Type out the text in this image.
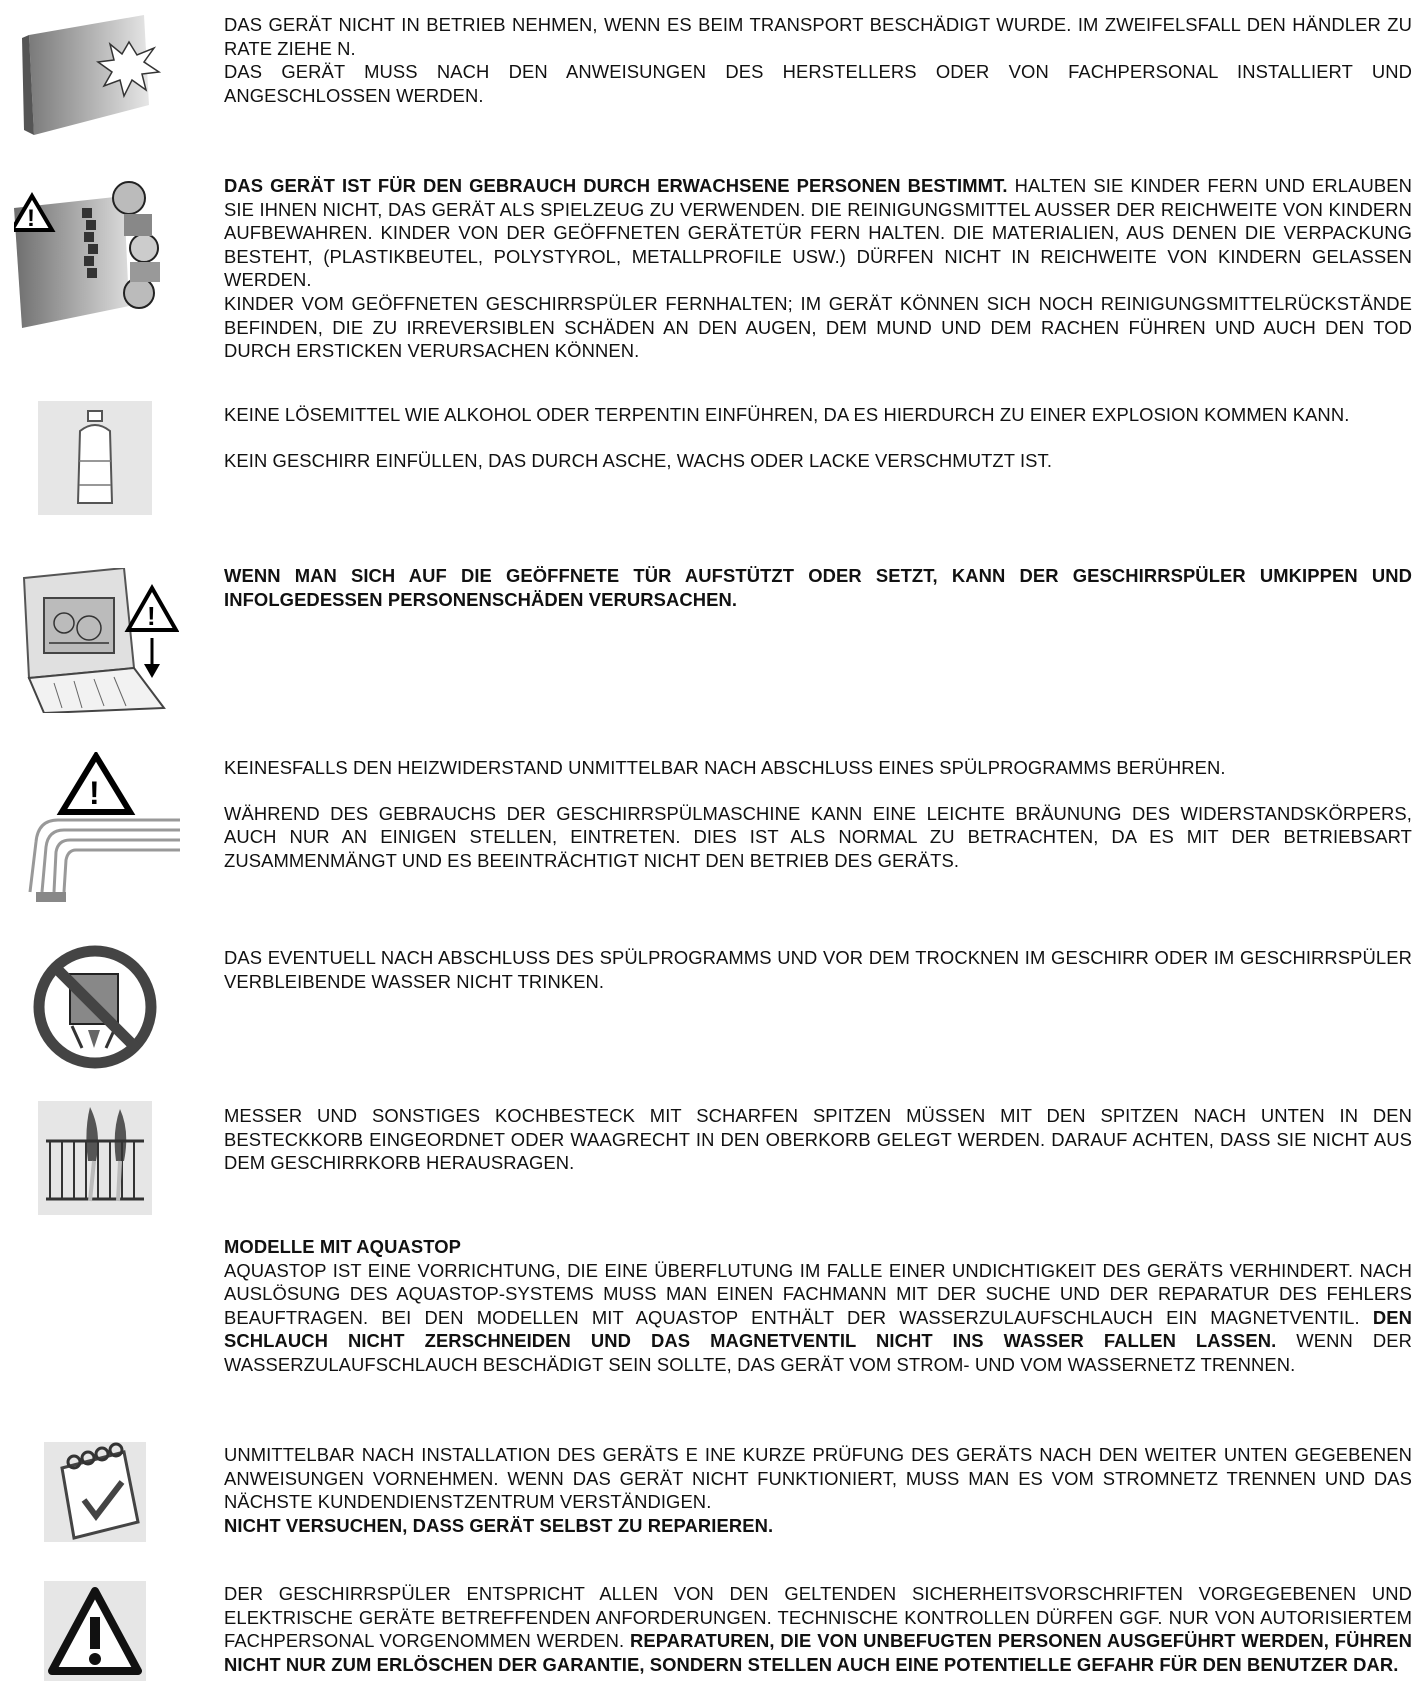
DAS GERÄT NICHT IN BETRIEB NEHMEN, WENN ES BEIM TRANSPORT BESCHÄDIGT WURDE. IM ZWEIFELSFALL DEN HÄNDLER ZU RATE ZIEHE N.

DAS GERÄT MUSS NACH DEN ANWEISUNGEN DES HERSTELLERS ODER VON FACHPERSONAL INSTALLIERT UND ANGESCHLOSSEN WERDEN.

!

DAS GERÄT IST FÜR DEN GEBRAUCH DURCH ERWACHSENE PERSONEN BESTIMMT. HALTEN SIE KINDER FERN UND ERLAUBEN SIE IHNEN NICHT, DAS GERÄT ALS SPIELZEUG ZU VERWENDEN. DIE REINIGUNGSMITTEL AUSSER DER REICHWEITE VON KINDERN AUFBEWAHREN. KINDER VON DER GEÖFFNETEN GERÄTETÜR FERN HALTEN. DIE MATERIALIEN, AUS DENEN DIE VERPACKUNG BESTEHT, (PLASTIKBEUTEL, POLYSTYROL, METALLPROFILE USW.) DÜRFEN NICHT IN REICHWEITE VON KINDERN GELASSEN WERDEN.

KINDER VOM GEÖFFNETEN GESCHIRRSPÜLER FERNHALTEN; IM GERÄT KÖNNEN SICH NOCH REINIGUNGSMITTELRÜCKSTÄNDE BEFINDEN, DIE ZU IRREVERSIBLEN SCHÄDEN AN DEN AUGEN, DEM MUND UND DEM RACHEN FÜHREN UND AUCH DEN TOD DURCH ERSTICKEN VERURSACHEN KÖNNEN.

KEINE LÖSEMITTEL WIE ALKOHOL ODER TERPENTIN EINFÜHREN, DA ES HIERDURCH ZU EINER EXPLOSION KOMMEN KANN.

KEIN GESCHIRR EINFÜLLEN, DAS DURCH ASCHE, WACHS ODER LACKE VERSCHMUTZT IST.

!

WENN MAN SICH AUF DIE GEÖFFNETE TÜR AUFSTÜTZT ODER SETZT, KANN DER GESCHIRRSPÜLER UMKIPPEN UND INFOLGEDESSEN PERSONENSCHÄDEN VERURSACHEN.

!

KEINESFALLS DEN HEIZWIDERSTAND UNMITTELBAR NACH ABSCHLUSS EINES SPÜLPROGRAMMS BERÜHREN.

WÄHREND DES GEBRAUCHS DER GESCHIRRSPÜLMASCHINE KANN EINE LEICHTE BRÄUNUNG DES WIDERSTANDSKÖRPERS, AUCH NUR AN EINIGEN STELLEN, EINTRETEN. DIES IST ALS NORMAL ZU BETRACHTEN, DA ES MIT DER BETRIEBSART ZUSAMMENMÄNGT UND ES BEEINTRÄCHTIGT NICHT DEN BETRIEB DES GERÄTS.

DAS EVENTUELL NACH ABSCHLUSS DES SPÜLPROGRAMMS UND VOR DEM TROCKNEN IM GESCHIRR ODER IM GESCHIRRSPÜLER VERBLEIBENDE WASSER NICHT TRINKEN.

MESSER UND SONSTIGES KOCHBESTECK MIT SCHARFEN SPITZEN MÜSSEN MIT DEN SPITZEN NACH UNTEN IN DEN BESTECKKORB EINGEORDNET ODER WAAGRECHT IN DEN OBERKORB GELEGT WERDEN. DARAUF ACHTEN, DASS SIE NICHT AUS DEM GESCHIRRKORB HERAUSRAGEN.

MODELLE MIT AQUASTOP

AQUASTOP IST EINE VORRICHTUNG, DIE EINE ÜBERFLUTUNG IM FALLE EINER UNDICHTIGKEIT DES GERÄTS VERHINDERT. NACH AUSLÖSUNG DES AQUASTOP-SYSTEMS MUSS MAN EINEN FACHMANN MIT DER SUCHE UND DER REPARATUR DES FEHLERS BEAUFTRAGEN. BEI DEN MODELLEN MIT AQUASTOP ENTHÄLT DER WASSERZULAUFSCHLAUCH EIN MAGNETVENTIL. DEN SCHLAUCH NICHT ZERSCHNEIDEN UND DAS MAGNETVENTIL NICHT INS WASSER FALLEN LASSEN. WENN DER WASSERZULAUFSCHLAUCH BESCHÄDIGT SEIN SOLLTE, DAS GERÄT VOM STROM- UND VOM WASSERNETZ TRENNEN.

UNMITTELBAR NACH INSTALLATION DES GERÄTS E INE KURZE PRÜFUNG DES GERÄTS NACH DEN WEITER UNTEN GEGEBENEN ANWEISUNGEN VORNEHMEN. WENN DAS GERÄT NICHT FUNKTIONIERT, MUSS MAN ES VOM STROMNETZ TRENNEN UND DAS NÄCHSTE KUNDENDIENSTZENTRUM VERSTÄNDIGEN.

NICHT VERSUCHEN, DASS GERÄT SELBST ZU REPARIEREN.

DER GESCHIRRSPÜLER ENTSPRICHT ALLEN VON DEN GELTENDEN SICHERHEITSVORSCHRIFTEN VORGEGEBENEN UND ELEKTRISCHE GERÄTE BETREFFENDEN ANFORDERUNGEN. TECHNISCHE KONTROLLEN DÜRFEN GGF. NUR VON AUTORISIERTEM FACHPERSONAL VORGENOMMEN WERDEN. REPARATUREN, DIE VON UNBEFUGTEN PERSONEN AUSGEFÜHRT WERDEN, FÜHREN NICHT NUR ZUM ERLÖSCHEN DER GARANTIE, SONDERN STELLEN AUCH EINE POTENTIELLE GEFAHR FÜR DEN BENUTZER DAR.
